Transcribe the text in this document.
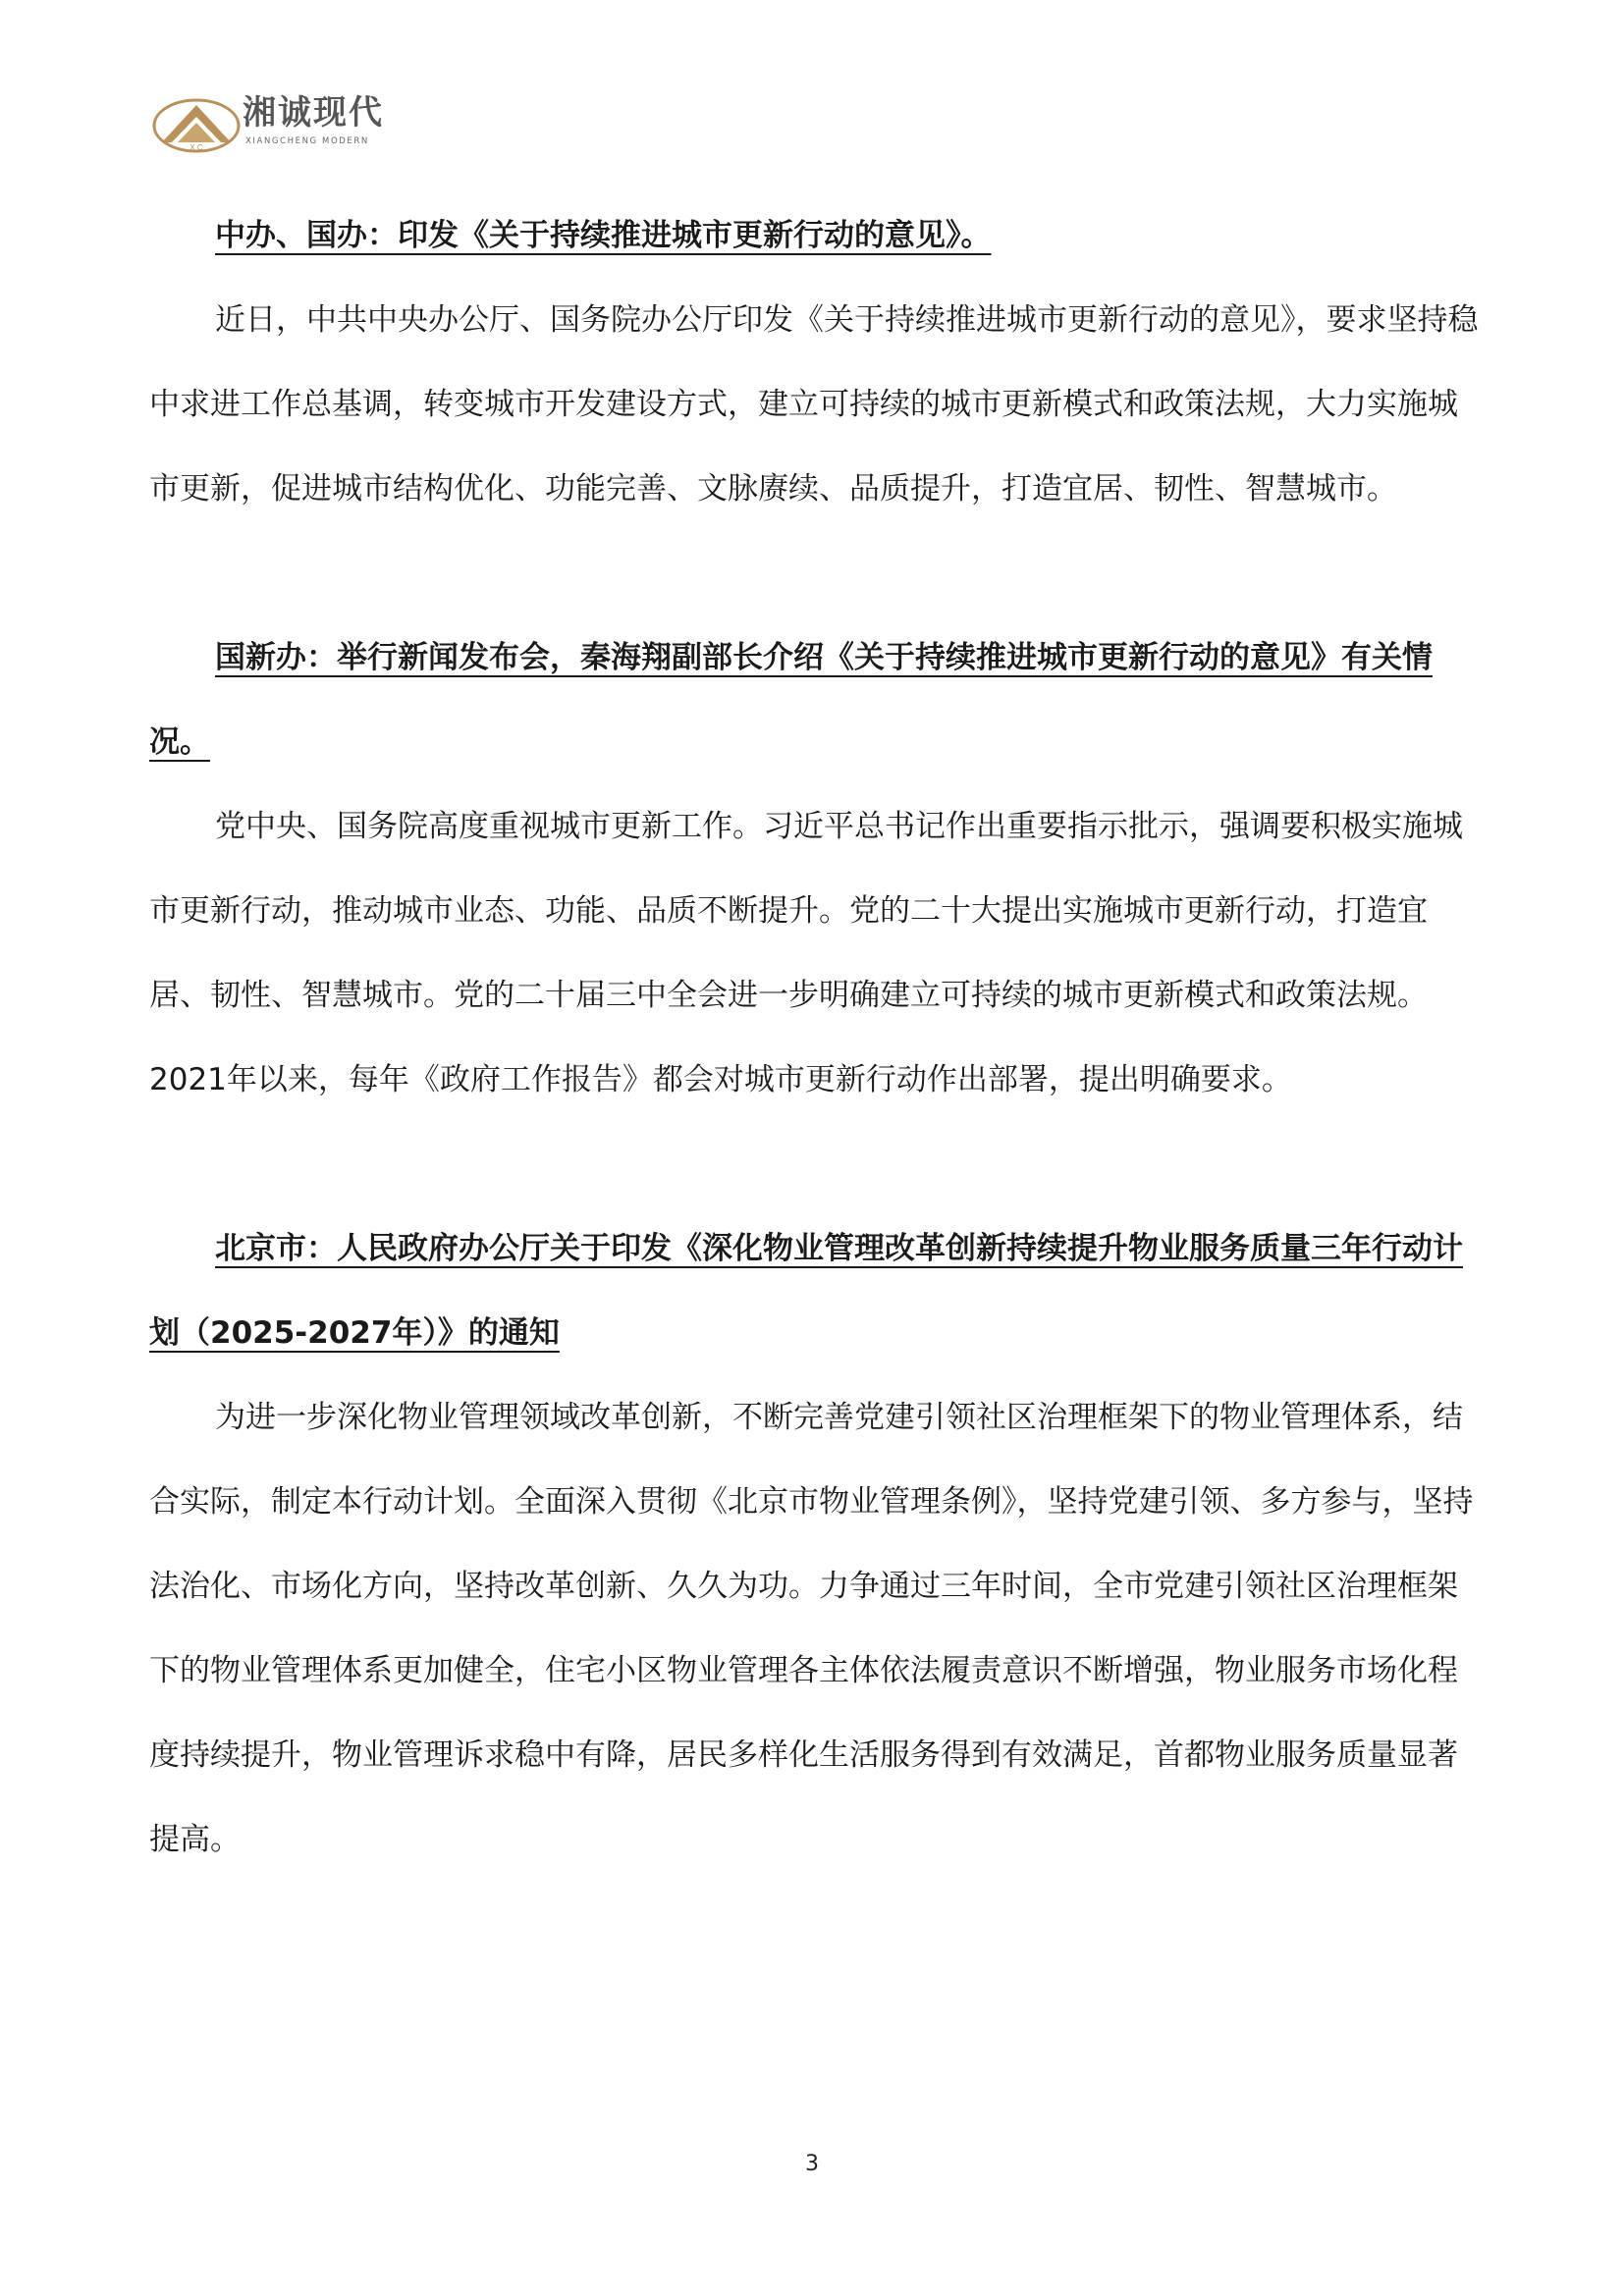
X C
湘诚现代
XIANGCHENG MODERN

中办、国办：印发《关于持续推进城市更新行动的意见》。

近日，中共中央办公厅、国务院办公厅印发《关于持续推进城市更新行动的意见》，要求坚持稳中求进工作总基调，转变城市开发建设方式，建立可持续的城市更新模式和政策法规，大力实施城市更新，促进城市结构优化、功能完善、文脉赓续、品质提升，打造宜居、韧性、智慧城市。

国新办：举行新闻发布会，秦海翔副部长介绍《关于持续推进城市更新行动的意见》有关情况。

党中央、国务院高度重视城市更新工作。习近平总书记作出重要指示批示，强调要积极实施城市更新行动，推动城市业态、功能、品质不断提升。党的二十大提出实施城市更新行动，打造宜居、韧性、智慧城市。党的二十届三中全会进一步明确建立可持续的城市更新模式和政策法规。2021年以来，每年《政府工作报告》都会对城市更新行动作出部署，提出明确要求。

北京市：人民政府办公厅关于印发《深化物业管理改革创新持续提升物业服务质量三年行动计划（2025-2027年）》的通知

为进一步深化物业管理领域改革创新，不断完善党建引领社区治理框架下的物业管理体系，结合实际，制定本行动计划。全面深入贯彻《北京市物业管理条例》，坚持党建引领、多方参与，坚持法治化、市场化方向，坚持改革创新、久久为功。力争通过三年时间，全市党建引领社区治理框架下的物业管理体系更加健全，住宅小区物业管理各主体依法履责意识不断增强，物业服务市场化程度持续提升，物业管理诉求稳中有降，居民多样化生活服务得到有效满足，首都物业服务质量显著提高。

3
